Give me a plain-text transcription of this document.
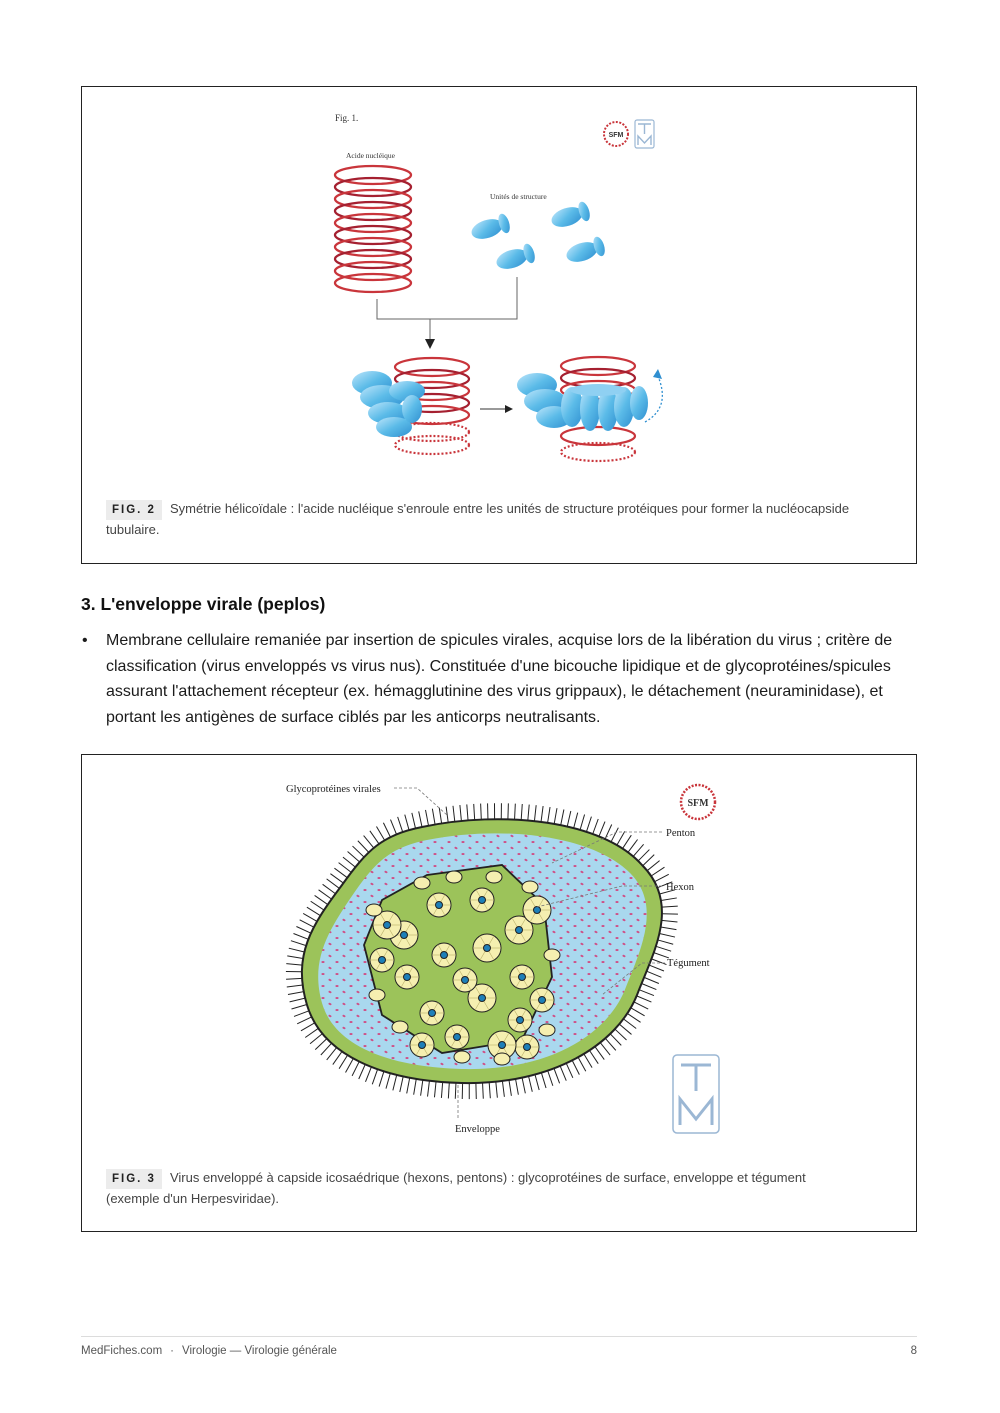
Fig. 1.
Acide nucléique
Unités de structure
SFM
FIG. 2 Symétrie hélicoïdale : l'acide nucléique s'enroule entre les unités de structure protéiques pour former la nucléocapside tubulaire.
3. L'enveloppe virale (peplos)
• Membrane cellulaire remaniée par insertion de spicules virales, acquise lors de la libération du virus ; critère de classification (virus enveloppés vs virus nus). Constituée d'une bicouche lipidique et de glycoprotéines/spicules assurant l'attachement récepteur (ex. hémagglutinine des virus grippaux), le détachement (neuraminidase), et portant les antigènes de surface ciblés par les anticorps neutralisants.

Glycoprotéines virales
Penton
Hexon
Tégument
Enveloppe
SFM
FIG. 3 Virus enveloppé à capside icosaédrique (hexons, pentons) : glycoprotéines de surface, enveloppe et tégument (exemple d'un Herpesviridae).
MedFiches.com · Virologie — Virologie générale	8
